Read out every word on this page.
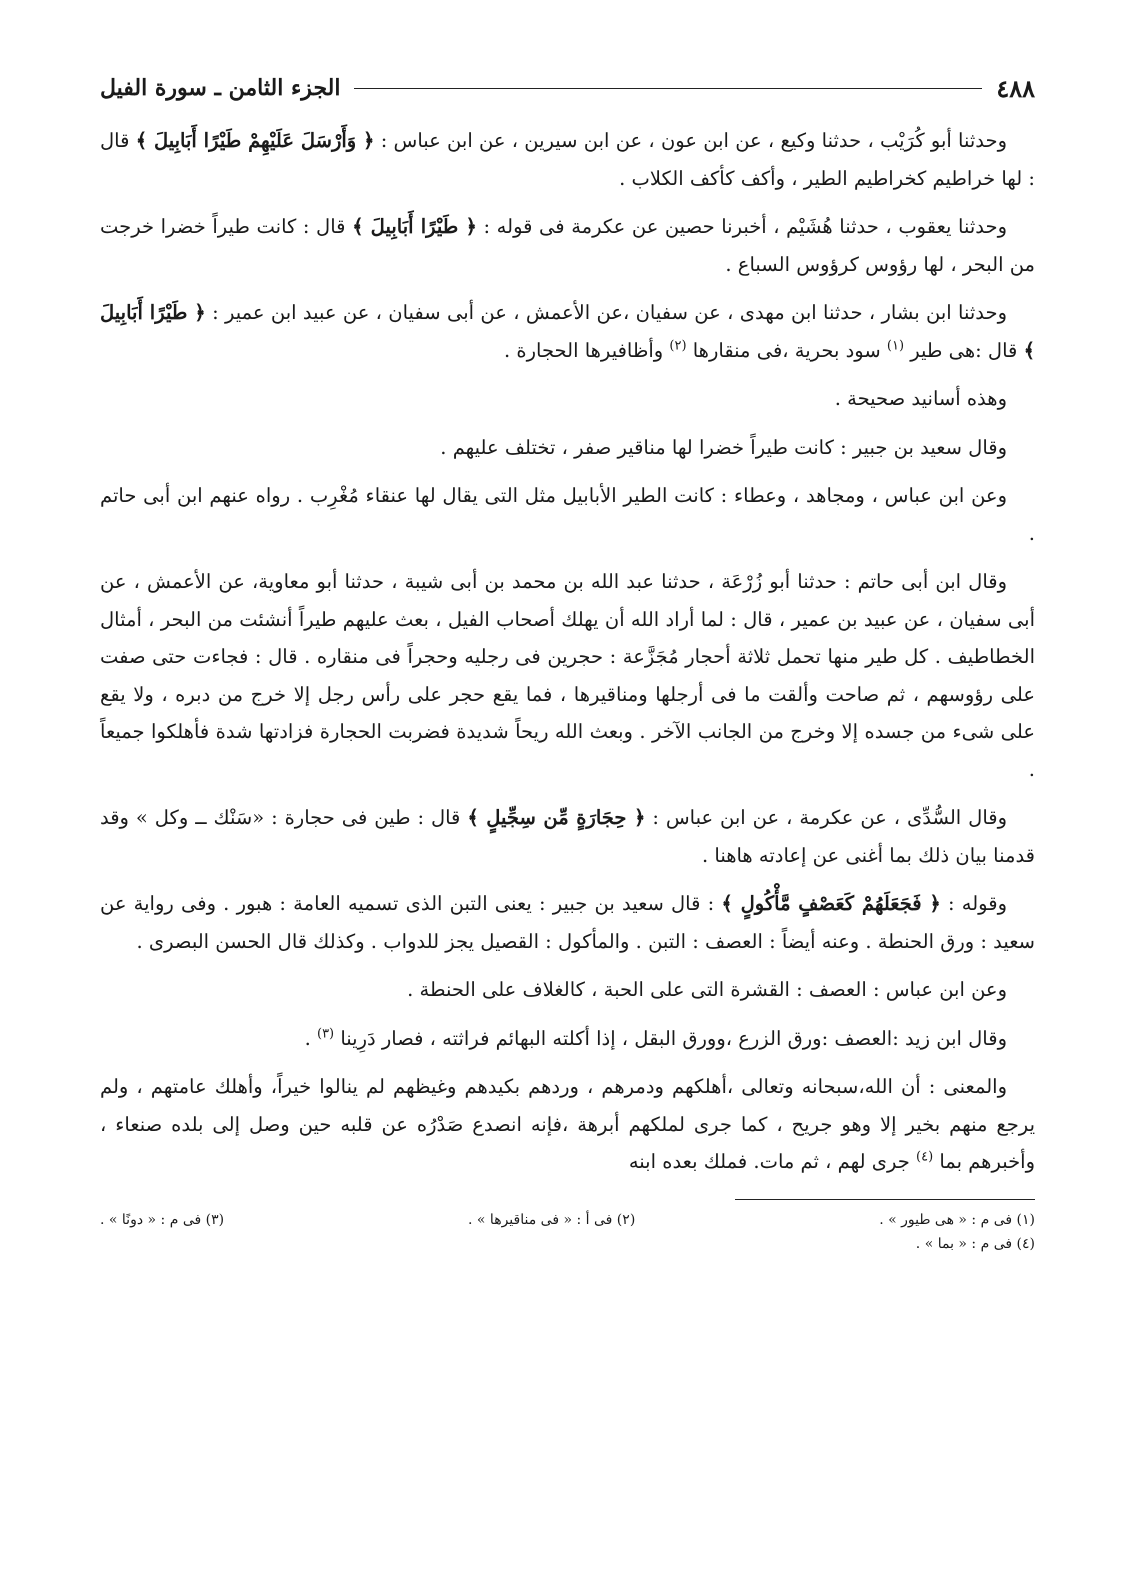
٤٨٨
الجزء الثامن ـ سورة الفيل

وحدثنا أبو كُرَيْب ، حدثنا وكيع ، عن ابن عون ، عن ابن سيرين ، عن ابن عباس : ﴿ وَأَرْسَلَ عَلَيْهِمْ طَيْرًا أَبَابِيلَ ﴾ قال : لها خراطيم كخراطيم الطير ، وأكف كأكف الكلاب .

وحدثنا يعقوب ، حدثنا هُشَيْم ، أخبرنا حصين عن عكرمة فى قوله : ﴿ طَيْرًا أَبَابِيلَ ﴾ قال : كانت طيراً خضرا خرجت من البحر ، لها رؤوس كرؤوس السباع .

وحدثنا ابن بشار ، حدثنا ابن مهدى ، عن سفيان ،عن الأعمش ، عن أبى سفيان ، عن عبيد ابن عمير : ﴿ طَيْرًا أَبَابِيلَ ﴾ قال :هى طير $^{(١)}$ سود بحرية ،فى منقارها $^{(٢)}$ وأظافيرها الحجارة .

وهذه أسانيد صحيحة .

وقال سعيد بن جبير : كانت طيراً خضرا لها مناقير صفر ، تختلف عليهم .

وعن ابن عباس ، ومجاهد ، وعطاء : كانت الطير الأبابيل مثل التى يقال لها عنقاء مُغْرِب . رواه عنهم ابن أبى حاتم .

وقال ابن أبى حاتم : حدثنا أبو زُرْعَة ، حدثنا عبد الله بن محمد بن أبى شيبة ، حدثنا أبو معاوية، عن الأعمش ، عن أبى سفيان ، عن عبيد بن عمير ، قال : لما أراد الله أن يهلك أصحاب الفيل ، بعث عليهم طيراً أنشئت من البحر ، أمثال الخطاطيف . كل طير منها تحمل ثلاثة أحجار مُجَزَّعة : حجرين فى رجليه وحجراً فى منقاره . قال : فجاءت حتى صفت على رؤوسهم ، ثم صاحت وألقت ما فى أرجلها ومناقيرها ، فما يقع حجر على رأس رجل إلا خرج من دبره ، ولا يقع على شىء من جسده إلا وخرج من الجانب الآخر . وبعث الله ريحاً شديدة فضربت الحجارة فزادتها شدة فأهلكوا جميعاً .

وقال السُّدِّى ، عن عكرمة ، عن ابن عباس : ﴿ حِجَارَةٍ مِّن سِجِّيلٍ ﴾ قال : طين فى حجارة : «سَنْك ــ وكل » وقد قدمنا بيان ذلك بما أغنى عن إعادته هاهنا .

وقوله : ﴿ فَجَعَلَهُمْ كَعَصْفٍ مَّأْكُولٍ ﴾ : قال سعيد بن جبير : يعنى التبن الذى تسميه العامة : هبور . وفى رواية عن سعيد : ورق الحنطة . وعنه أيضاً : العصف : التبن . والمأكول : القصيل يجز للدواب . وكذلك قال الحسن البصرى .

وعن ابن عباس : العصف : القشرة التى على الحبة ، كالغلاف على الحنطة .

وقال ابن زيد :العصف :ورق الزرع ،وورق البقل ، إذا أكلته البهائم فراثته ، فصار دَرِينا $^{(٣)}$ .

والمعنى : أن الله،سبحانه وتعالى ،أهلكهم ودمرهم ، وردهم بكيدهم وغيظهم لم ينالوا خيراً، وأهلك عامتهم ، ولم يرجع منهم بخير إلا وهو جريح ، كما جرى لملكهم أبرهة ،فإنه انصدع صَدْرُه عن قلبه حين وصل إلى بلده صنعاء ، وأخبرهم بما $^{(٤)}$ جرى لهم ، ثم مات. فملك بعده ابنه

(١) فى م : « هى طيور » .
(٢) فى أ : « فى مناقيرها » .
(٣) فى م : « دونًا » .
(٤) فى م : « بما » .
